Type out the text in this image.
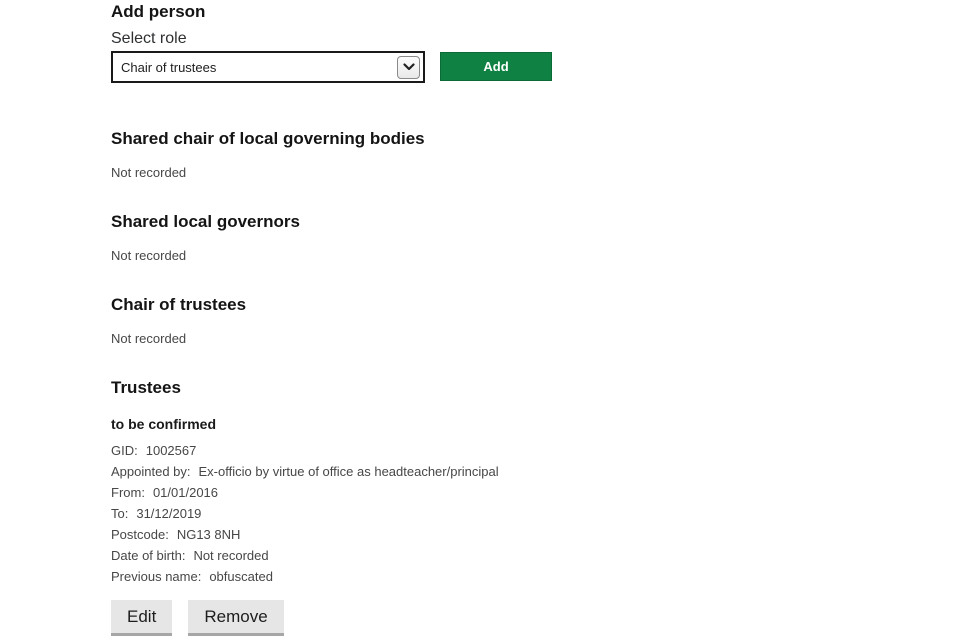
Add person
Select role
Chair of trustees	Add
Shared chair of local governing bodies

Not recorded

Shared local governors

Not recorded

Chair of trustees

Not recorded

Trustees

to be confirmed

GID: 1002567
Appointed by: Ex-officio by virtue of office as headteacher/principal
From: 01/01/2016
To: 31/12/2019
Postcode: NG13 8NH
Date of birth: Not recorded
Previous name: obfuscated
Edit	Remove
